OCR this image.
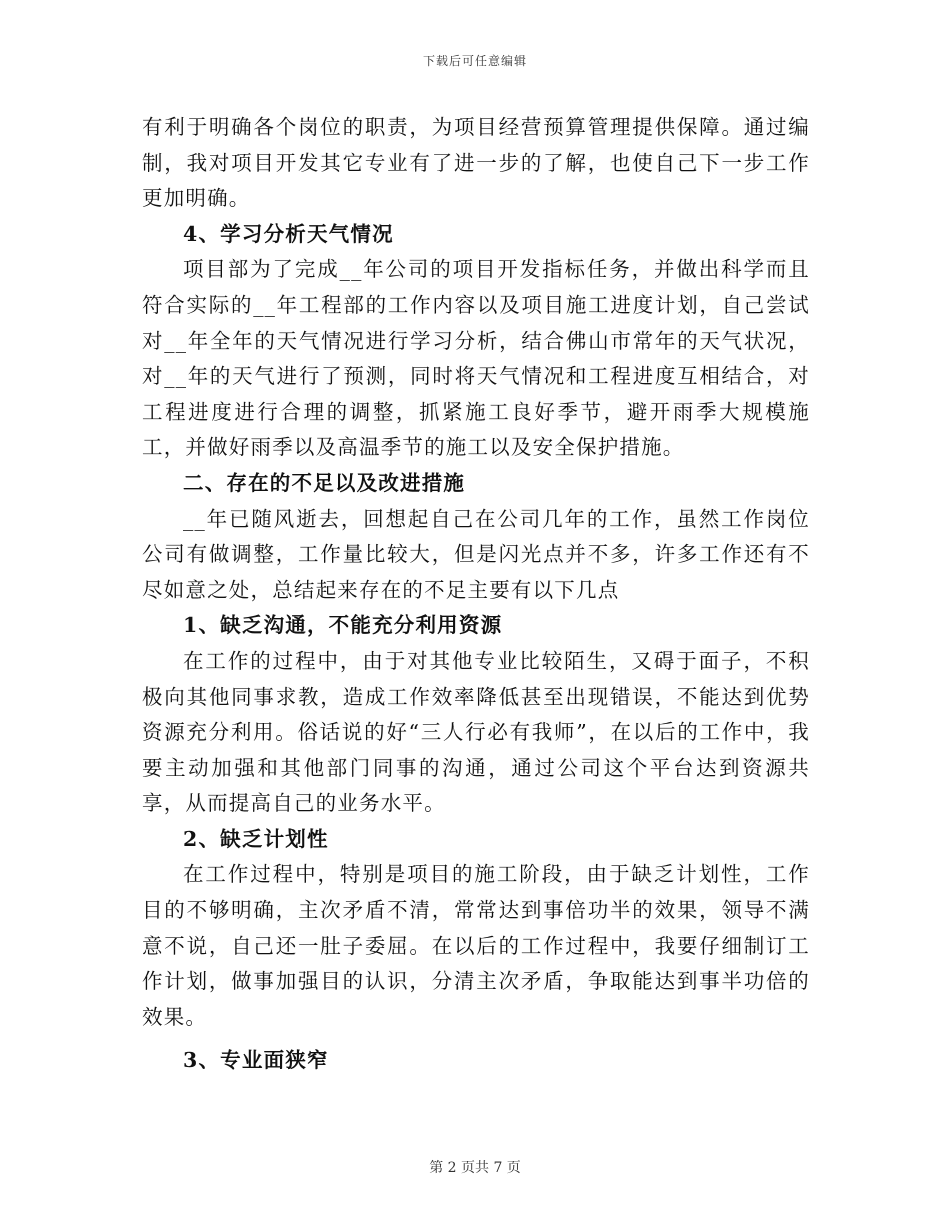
下载后可任意编辑

有利于明确各个岗位的职责，为项目经营预算管理提供保障。通过编制，我对项目开发其它专业有了进一步的了解，也使自己下一步工作更加明确。

4、学习分析天气情况

项目部为了完成__年公司的项目开发指标任务，并做出科学而且符合实际的__年工程部的工作内容以及项目施工进度计划，自己尝试对__年全年的天气情况进行学习分析，结合佛山市常年的天气状况，对__年的天气进行了预测，同时将天气情况和工程进度互相结合，对工程进度进行合理的调整，抓紧施工良好季节，避开雨季大规模施工，并做好雨季以及高温季节的施工以及安全保护措施。

二、存在的不足以及改进措施

__年已随风逝去，回想起自己在公司几年的工作，虽然工作岗位公司有做调整，工作量比较大，但是闪光点并不多，许多工作还有不尽如意之处，总结起来存在的不足主要有以下几点

1、缺乏沟通，不能充分利用资源

在工作的过程中，由于对其他专业比较陌生，又碍于面子，不积极向其他同事求教，造成工作效率降低甚至出现错误，不能达到优势资源充分利用。俗话说的好“三人行必有我师”，在以后的工作中，我要主动加强和其他部门同事的沟通，通过公司这个平台达到资源共享，从而提高自己的业务水平。

2、缺乏计划性

在工作过程中，特别是项目的施工阶段，由于缺乏计划性，工作目的不够明确，主次矛盾不清，常常达到事倍功半的效果，领导不满意不说，自己还一肚子委屈。在以后的工作过程中，我要仔细制订工作计划，做事加强目的认识，分清主次矛盾，争取能达到事半功倍的效果。

3、专业面狭窄
第 2 页共 7 页
